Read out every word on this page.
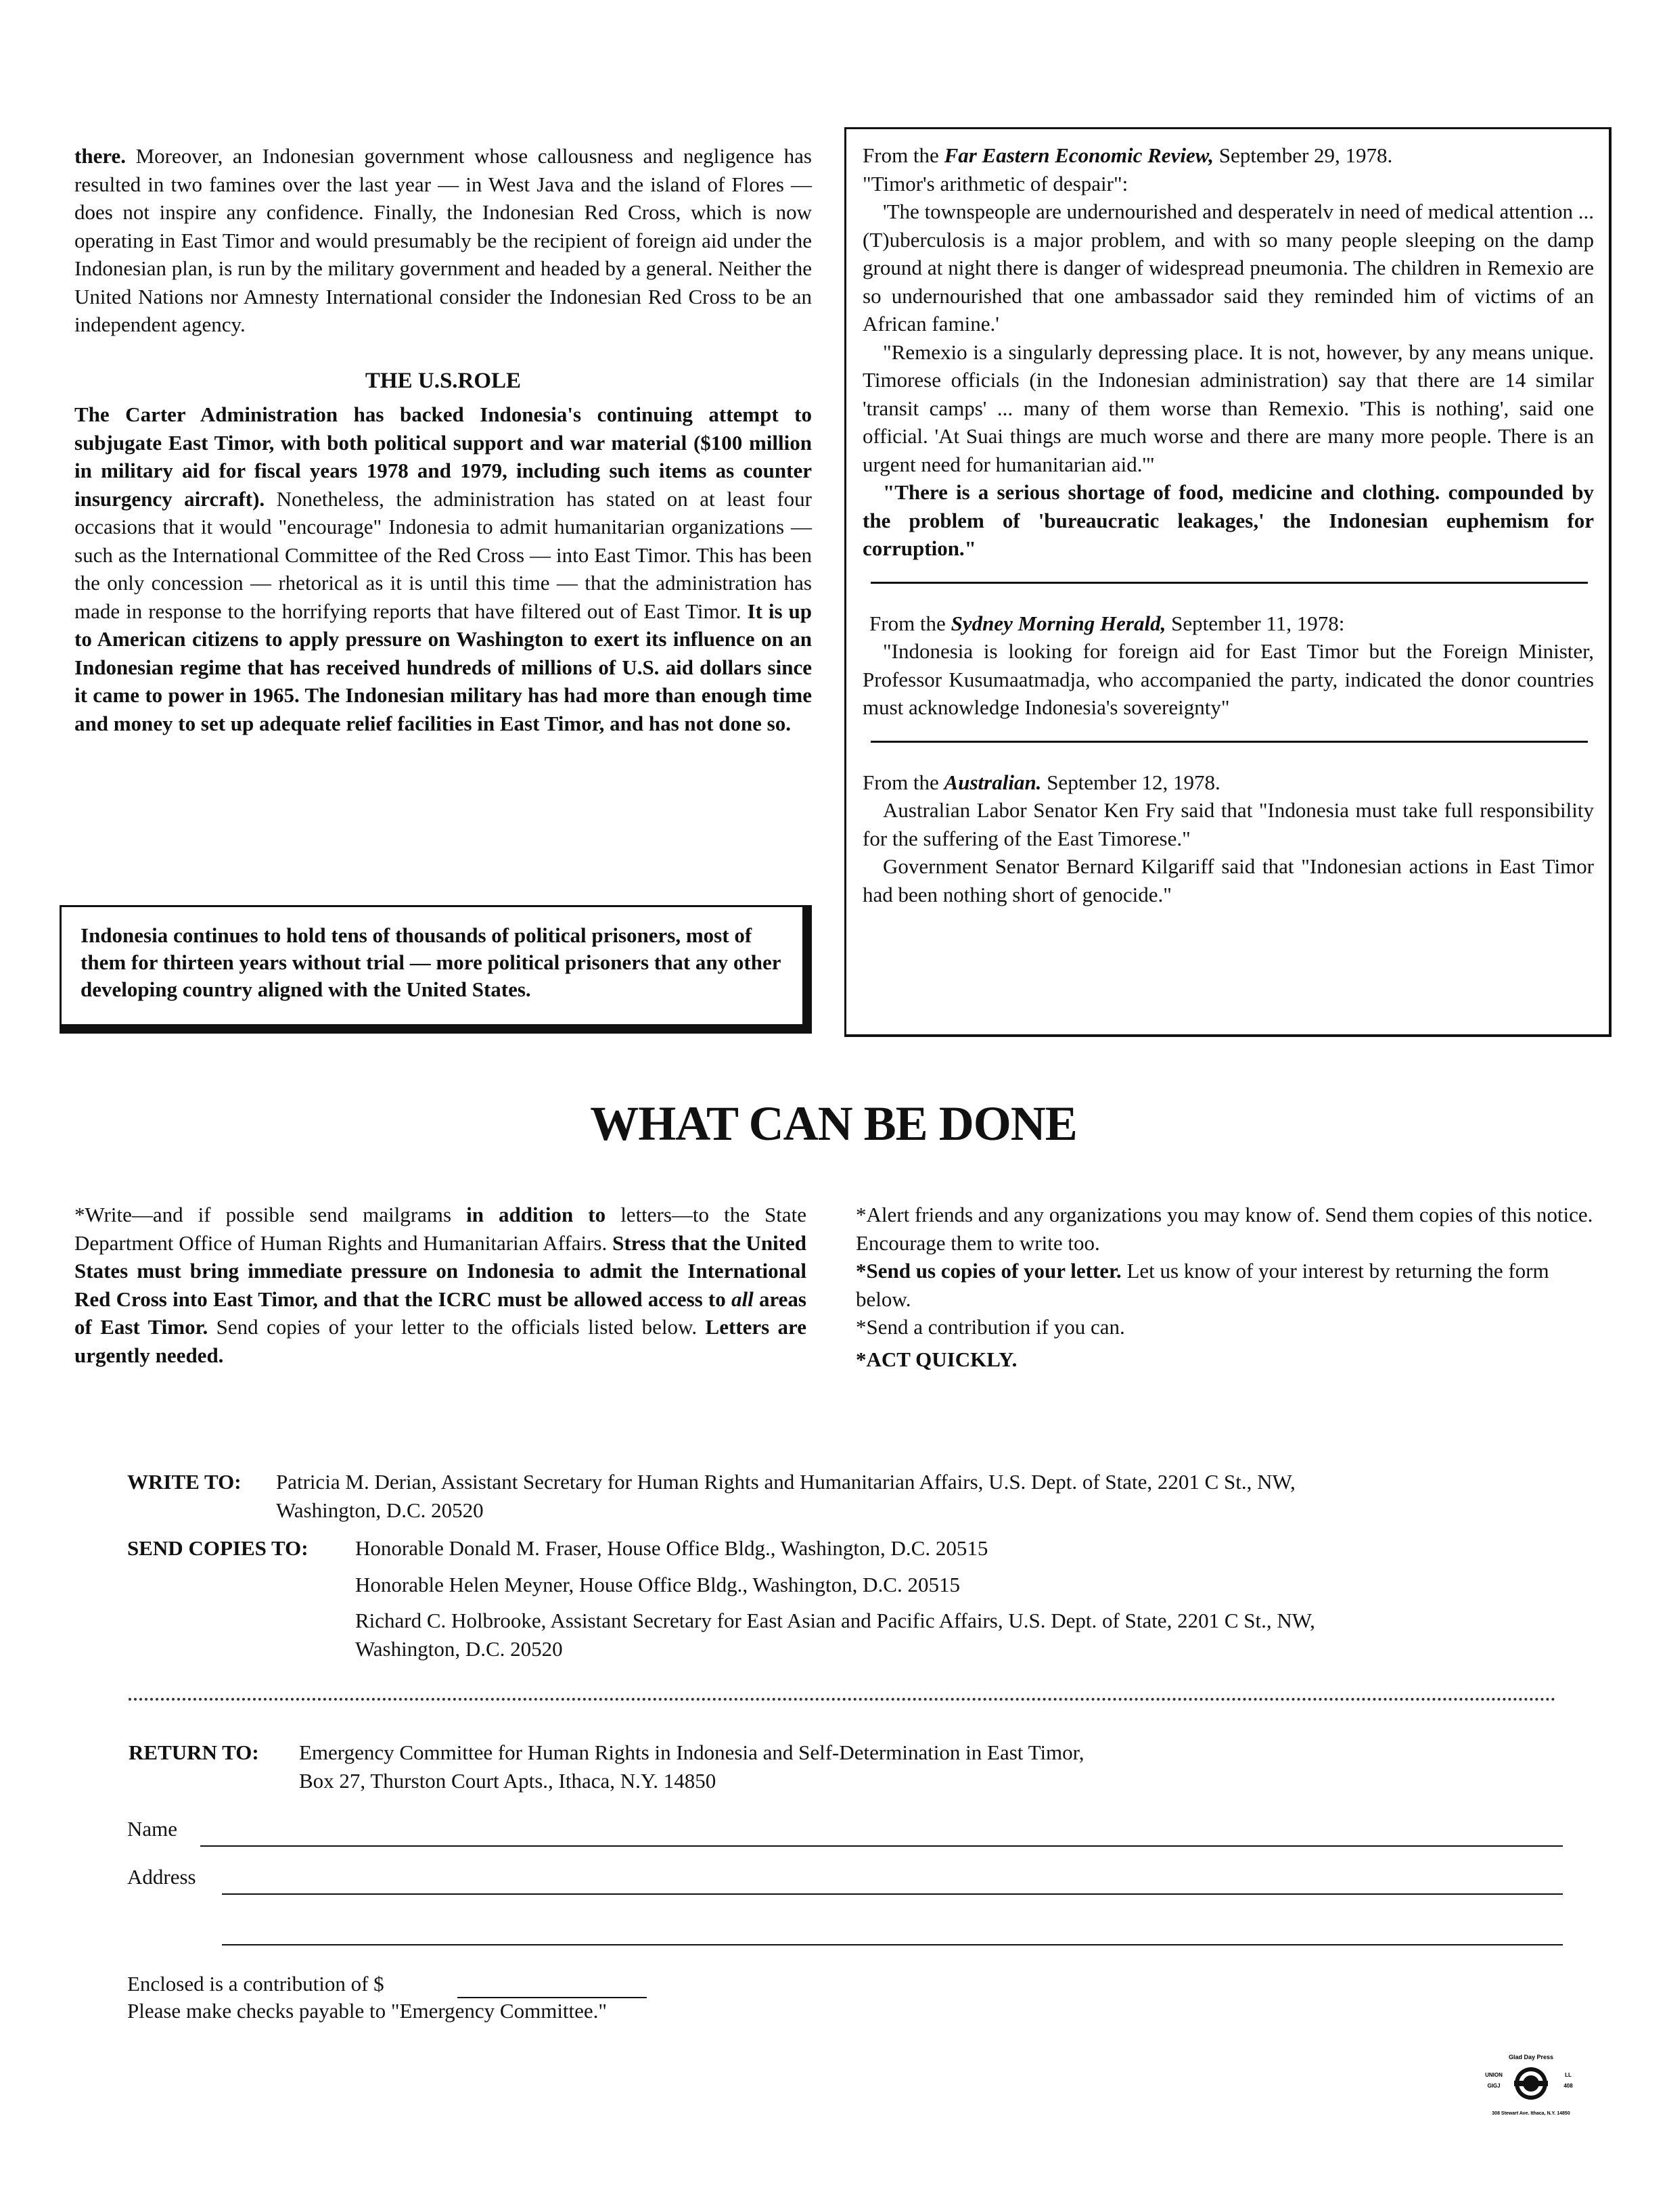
there. Moreover, an Indonesian government whose callousness and negligence has resulted in two famines over the last year — in West Java and the island of Flores — does not inspire any confidence. Finally, the Indonesian Red Cross, which is now operating in East Timor and would presumably be the recipient of foreign aid under the Indonesian plan, is run by the military government and headed by a general. Neither the United Nations nor Amnesty International consider the Indonesian Red Cross to be an independent agency.

THE U.S.ROLE

The Carter Administration has backed Indonesia's continuing attempt to subjugate East Timor, with both political support and war material ($100 million in military aid for fiscal years 1978 and 1979, including such items as counter insurgency aircraft). Nonetheless, the administration has stated on at least four occasions that it would "encourage" Indonesia to admit humanitarian organizations — such as the International Committee of the Red Cross — into East Timor. This has been the only concession — rhetorical as it is until this time — that the administration has made in response to the horrifying reports that have filtered out of East Timor. It is up to American citizens to apply pressure on Washington to exert its influence on an Indonesian regime that has received hundreds of millions of U.S. aid dollars since it came to power in 1965. The Indonesian military has had more than enough time and money to set up adequate relief facilities in East Timor, and has not done so.

Indonesia continues to hold tens of thousands of political prisoners, most of them for thirteen years without trial — more political prisoners that any other developing country aligned with the United States.

From the Far Eastern Economic Review, September 29, 1978.

"Timor's arithmetic of despair":

'The townspeople are undernourished and desperatelv in need of medical attention ... (T)uberculosis is a major problem, and with so many people sleeping on the damp ground at night there is danger of widespread pneumonia. The children in Remexio are so undernourished that one ambassador said they reminded him of victims of an African famine.'

"Remexio is a singularly depressing place. It is not, however, by any means unique. Timorese officials (in the Indonesian administration) say that there are 14 similar 'transit camps' ... many of them worse than Remexio. 'This is nothing', said one official. 'At Suai things are much worse and there are many more people. There is an urgent need for humanitarian aid.'"

"There is a serious shortage of food, medicine and clothing. compounded by the problem of 'bureaucratic leakages,' the Indonesian euphemism for corruption."

From the Sydney Morning Herald, September 11, 1978:

"Indonesia is looking for foreign aid for East Timor but the Foreign Minister, Professor Kusumaatmadja, who accompanied the party, indicated the donor countries must acknowledge Indonesia's sovereignty"

From the Australian. September 12, 1978.

Australian Labor Senator Ken Fry said that "Indonesia must take full responsibility for the suffering of the East Timorese."

Government Senator Bernard Kilgariff said that "Indonesian actions in East Timor had been nothing short of genocide."

WHAT CAN BE DONE

*Write—and if possible send mailgrams in addition to letters—to the State Department Office of Human Rights and Humanitarian Affairs. Stress that the United States must bring immediate pressure on Indonesia to admit the International Red Cross into East Timor, and that the ICRC must be allowed access to all areas of East Timor. Send copies of your letter to the officials listed below. Letters are urgently needed.

*Alert friends and any organizations you may know of. Send them copies of this notice. Encourage them to write too.

*Send us copies of your letter. Let us know of your interest by returning the form below.

*Send a contribution if you can.

*ACT QUICKLY.

WRITE TO: Patricia M. Derian, Assistant Secretary for Human Rights and Humanitarian Affairs, U.S. Dept. of State, 2201 C St., NW,
Washington, D.C. 20520
SEND COPIES TO: Honorable Donald M. Fraser, House Office Bldg., Washington, D.C. 20515
Honorable Helen Meyner, House Office Bldg., Washington, D.C. 20515
Richard C. Holbrooke, Assistant Secretary for East Asian and Pacific Affairs, U.S. Dept. of State, 2201 C St., NW,
Washington, D.C. 20520
RETURN TO: Emergency Committee for Human Rights in Indonesia and Self-Determination in East Timor,
Box 27, Thurston Court Apts., Ithaca, N.Y. 14850
Name
Address
Enclosed is a contribution of $
Please make checks payable to "Emergency Committee."
Glad Day Press
UNION
GIGJ
LL
408
308 Stewart Ave. Ithaca, N.Y. 14850
